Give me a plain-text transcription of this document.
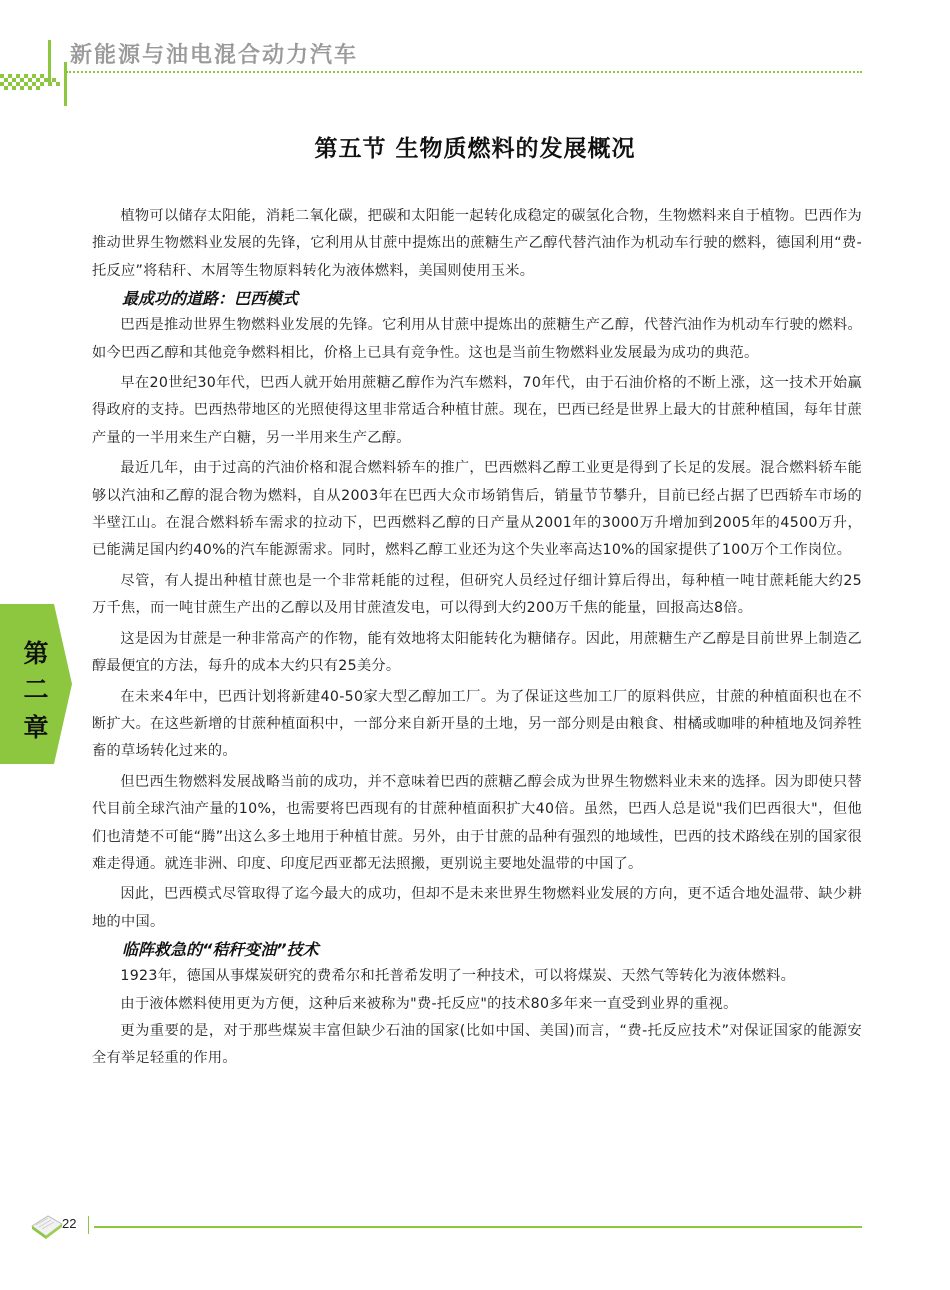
新能源与油电混合动力汽车
第五节 生物质燃料的发展概况

植物可以储存太阳能，消耗二氧化碳，把碳和太阳能一起转化成稳定的碳氢化合物，生物燃料来自于植物。巴西作为推动世界生物燃料业发展的先锋，它利用从甘蔗中提炼出的蔗糖生产乙醇代替汽油作为机动车行驶的燃料，德国利用“费-托反应”将秸秆、木屑等生物原料转化为液体燃料，美国则使用玉米。

最成功的道路：巴西模式

巴西是推动世界生物燃料业发展的先锋。它利用从甘蔗中提炼出的蔗糖生产乙醇，代替汽油作为机动车行驶的燃料。如今巴西乙醇和其他竞争燃料相比，价格上已具有竞争性。这也是当前生物燃料业发展最为成功的典范。

早在20世纪30年代，巴西人就开始用蔗糖乙醇作为汽车燃料，70年代，由于石油价格的不断上涨，这一技术开始赢得政府的支持。巴西热带地区的光照使得这里非常适合种植甘蔗。现在，巴西已经是世界上最大的甘蔗种植国，每年甘蔗产量的一半用来生产白糖，另一半用来生产乙醇。

最近几年，由于过高的汽油价格和混合燃料轿车的推广，巴西燃料乙醇工业更是得到了长足的发展。混合燃料轿车能够以汽油和乙醇的混合物为燃料，自从2003年在巴西大众市场销售后，销量节节攀升，目前已经占据了巴西轿车市场的半壁江山。在混合燃料轿车需求的拉动下，巴西燃料乙醇的日产量从2001年的3000万升增加到2005年的4500万升，已能满足国内约40%的汽车能源需求。同时，燃料乙醇工业还为这个失业率高达10%的国家提供了100万个工作岗位。

尽管，有人提出种植甘蔗也是一个非常耗能的过程，但研究人员经过仔细计算后得出，每种植一吨甘蔗耗能大约25万千焦，而一吨甘蔗生产出的乙醇以及用甘蔗渣发电，可以得到大约200万千焦的能量，回报高达8倍。

这是因为甘蔗是一种非常高产的作物，能有效地将太阳能转化为糖储存。因此，用蔗糖生产乙醇是目前世界上制造乙醇最便宜的方法，每升的成本大约只有25美分。

在未来4年中，巴西计划将新建40-50家大型乙醇加工厂。为了保证这些加工厂的原料供应，甘蔗的种植面积也在不断扩大。在这些新增的甘蔗种植面积中，一部分来自新开垦的土地，另一部分则是由粮食、柑橘或咖啡的种植地及饲养牲畜的草场转化过来的。

但巴西生物燃料发展战略当前的成功，并不意味着巴西的蔗糖乙醇会成为世界生物燃料业未来的选择。因为即使只替代目前全球汽油产量的10%，也需要将巴西现有的甘蔗种植面积扩大40倍。虽然，巴西人总是说"我们巴西很大"，但他们也清楚不可能“腾”出这么多土地用于种植甘蔗。另外，由于甘蔗的品种有强烈的地域性，巴西的技术路线在别的国家很难走得通。就连非洲、印度、印度尼西亚都无法照搬，更别说主要地处温带的中国了。

因此，巴西模式尽管取得了迄今最大的成功，但却不是未来世界生物燃料业发展的方向，更不适合地处温带、缺少耕地的中国。

临阵救急的“秸秆变油”技术

1923年，德国从事煤炭研究的费希尔和托普希发明了一种技术，可以将煤炭、天然气等转化为液体燃料。

由于液体燃料使用更为方便，这种后来被称为"费-托反应"的技术80多年来一直受到业界的重视。

更为重要的是，对于那些煤炭丰富但缺少石油的国家(比如中国、美国)而言，“费-托反应技术”对保证国家的能源安全有举足轻重的作用。

第
二
章
22
